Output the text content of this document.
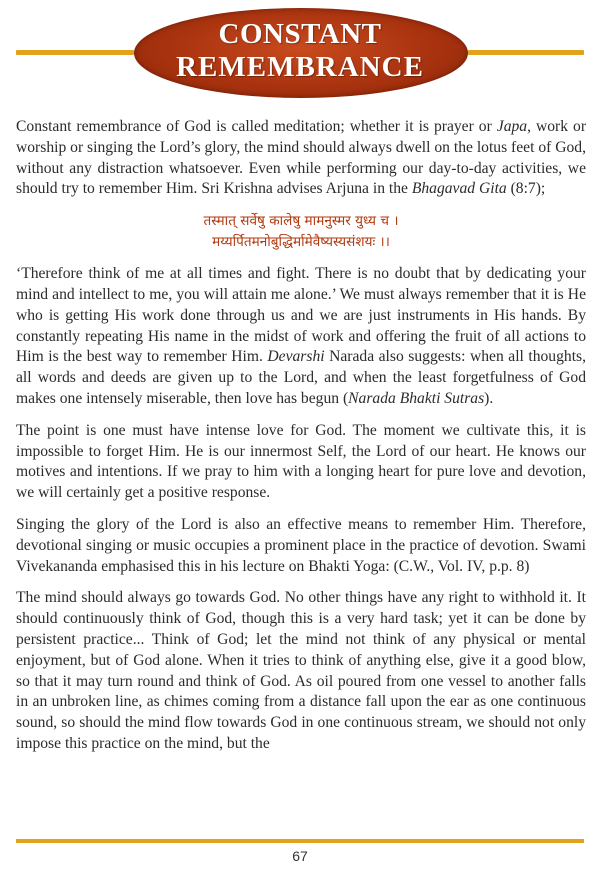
CONSTANT
REMEMBRANCE

Constant remembrance of God is called meditation; whether it is prayer or Japa, work or worship or singing the Lord’s glory, the mind should always dwell on the lotus feet of God, without any distraction whatsoever. Even while performing our day-to-day activities, we should try to remember Him. Sri Krishna advises Arjuna in the Bhagavad Gita (8:7);

तस्मात् सर्वेषु कालेषु मामनुस्मर युध्य च ।
मय्यर्पितमनोबुद्धिर्मामेवैष्यस्यसंशयः ।।

‘Therefore think of me at all times and fight. There is no doubt that by dedicating your mind and intellect to me, you will attain me alone.’ We must always remember that it is He who is getting His work done through us and we are just instruments in His hands. By constantly repeating His name in the midst of work and offering the fruit of all actions to Him is the best way to remember Him. Devarshi Narada also suggests: when all thoughts, all words and deeds are given up to the Lord, and when the least forgetfulness of God makes one intensely miserable, then love has begun (Narada Bhakti Sutras).

The point is one must have intense love for God. The moment we cultivate this, it is impossible to forget Him. He is our innermost Self, the Lord of our heart. He knows our motives and intentions. If we pray to him with a longing heart for pure love and devotion, we will certainly get a positive response.

Singing the glory of the Lord is also an effective means to remember Him. Therefore, devotional singing or music occupies a prominent place in the practice of devotion. Swami Vivekananda emphasised this in his lecture on Bhakti Yoga: (C.W., Vol. IV, p.p. 8)

The mind should always go towards God. No other things have any right to withhold it. It should continuously think of God, though this is a very hard task; yet it can be done by persistent practice... Think of God; let the mind not think of any physical or mental enjoyment, but of God alone. When it tries to think of anything else, give it a good blow, so that it may turn round and think of God. As oil poured from one vessel to another falls in an unbroken line, as chimes coming from a distance fall upon the ear as one continuous sound, so should the mind flow towards God in one continuous stream, we should not only impose this practice on the mind, but the

67
